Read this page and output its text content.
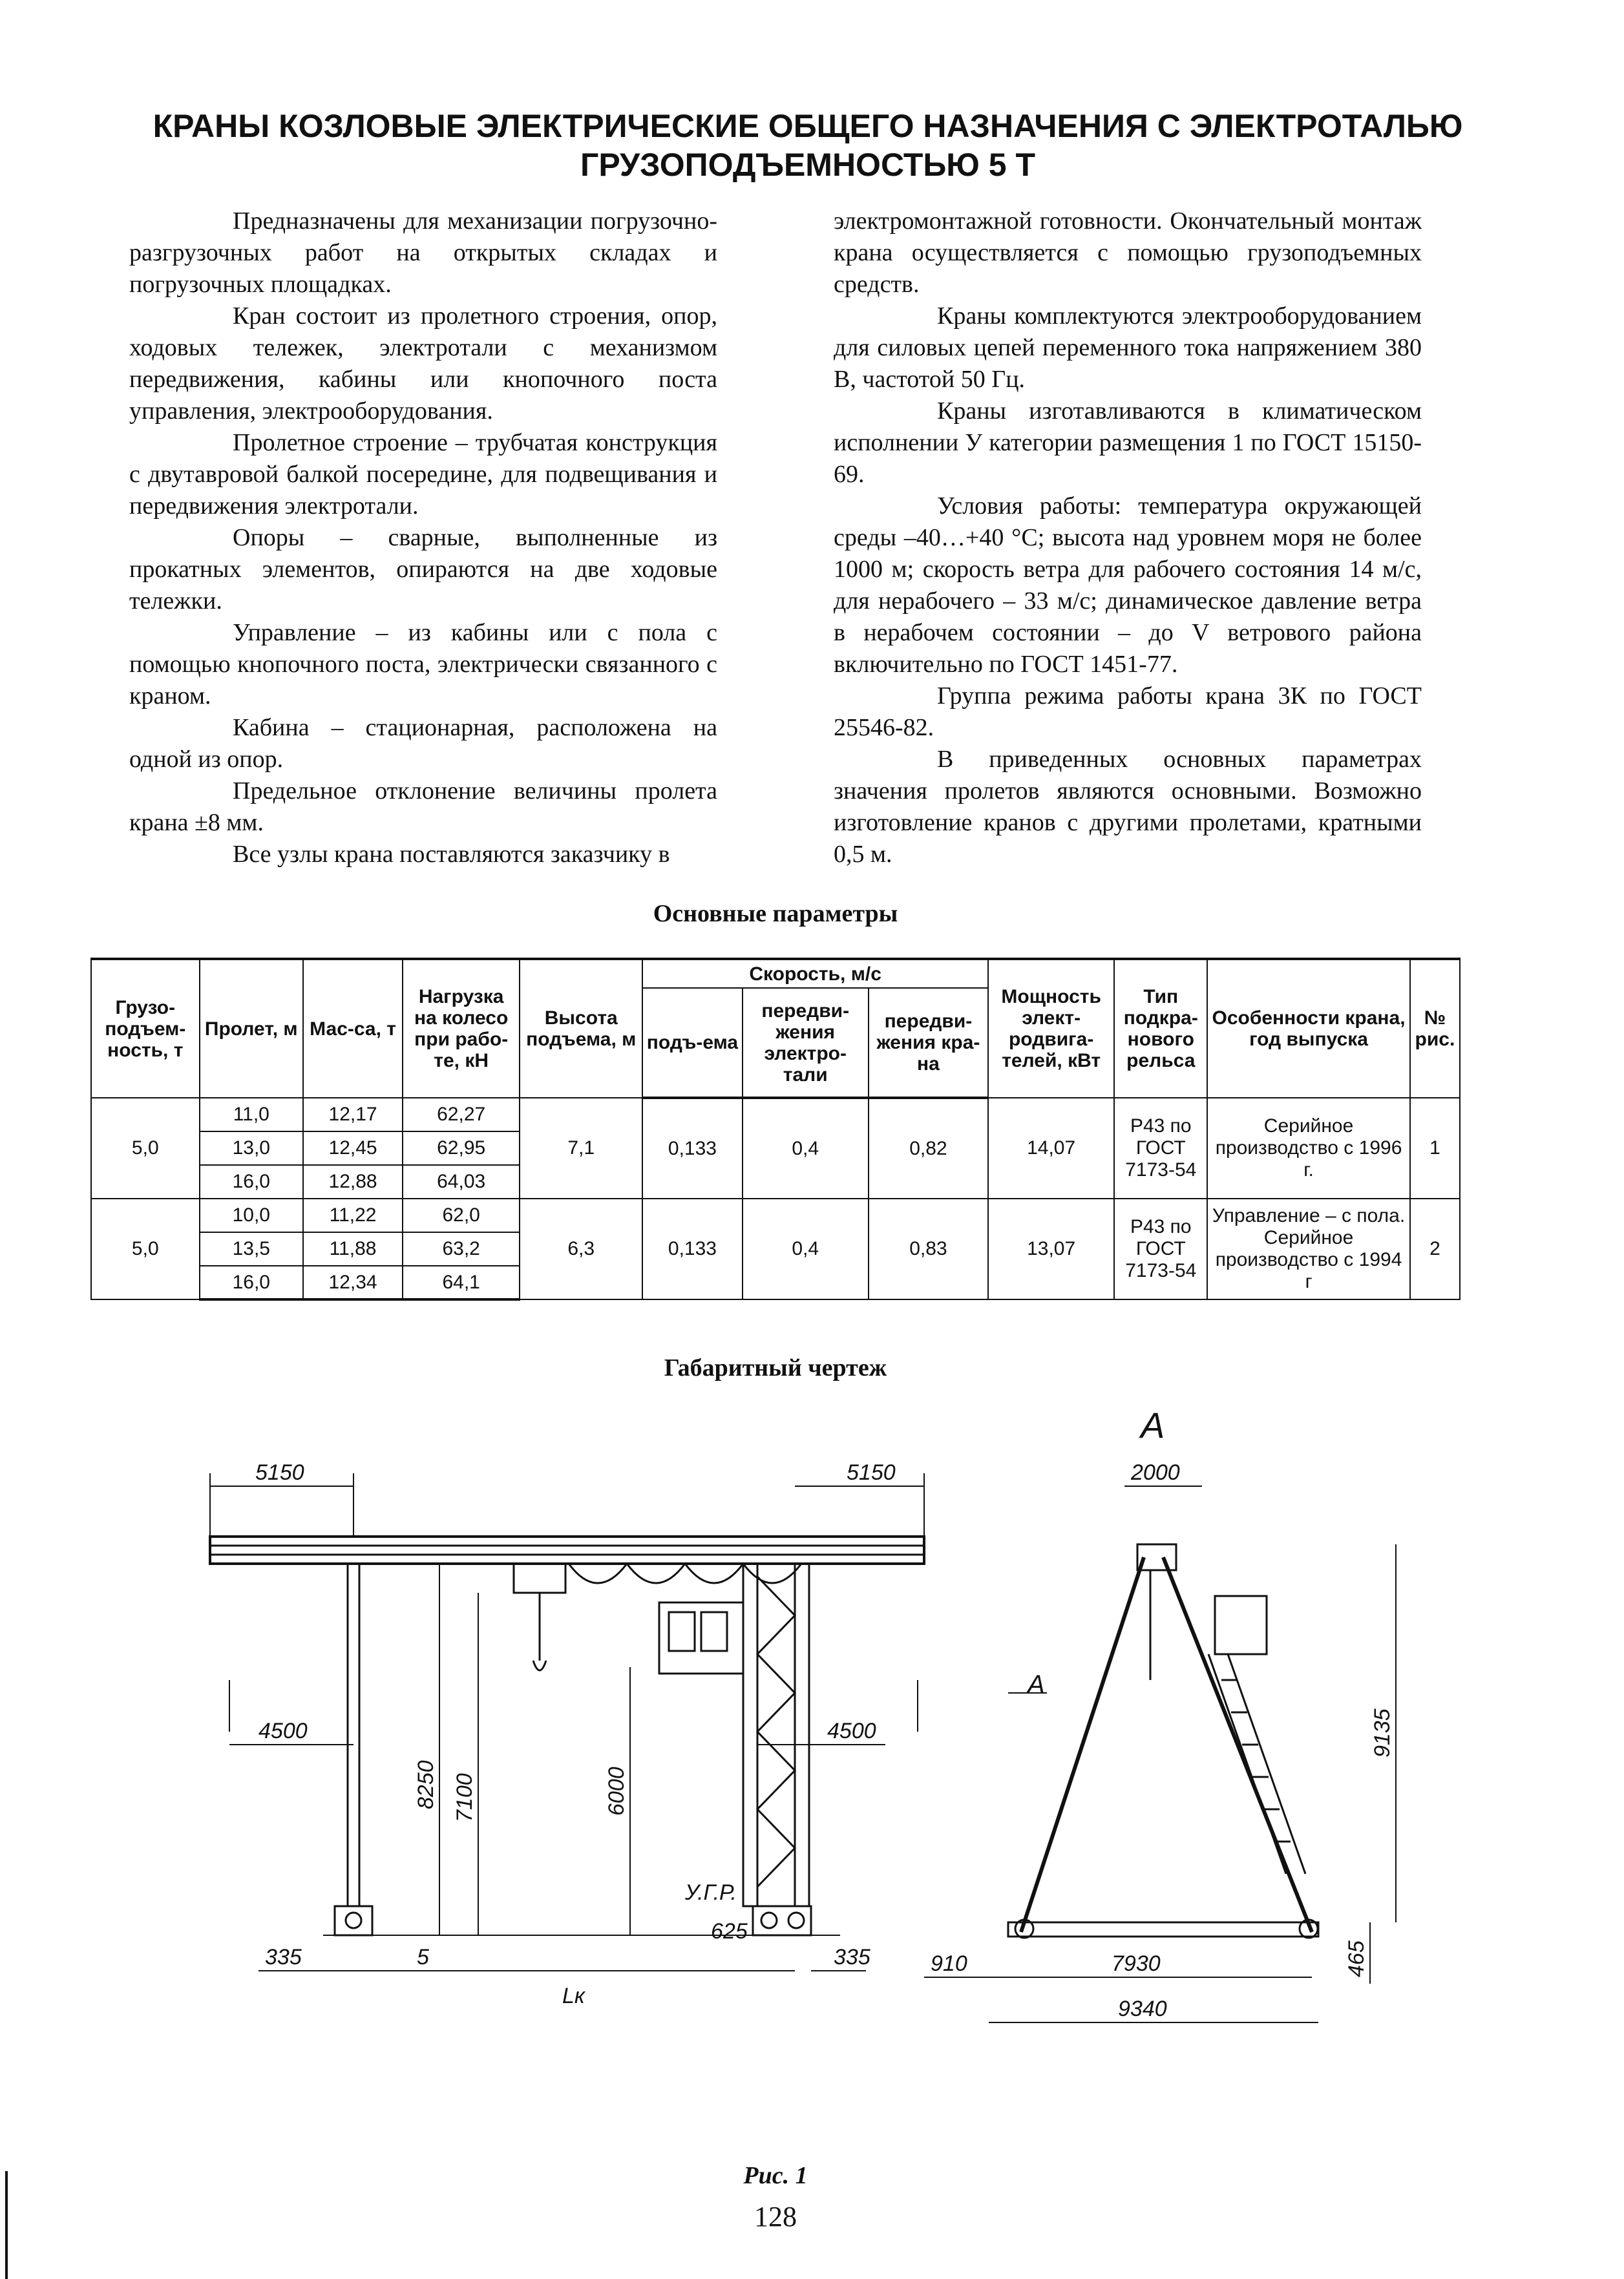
КРАНЫ КОЗЛОВЫЕ ЭЛЕКТРИЧЕСКИЕ ОБЩЕГО НАЗНАЧЕНИЯ С ЭЛЕКТРОТАЛЬЮ
ГРУЗОПОДЪЕМНОСТЬЮ 5 Т

Предназначены для механизации погрузочно-разгрузочных работ на открытых складах и погрузочных площадках.

Кран состоит из пролетного строения, опор, ходовых тележек, электротали с механизмом передвижения, кабины или кнопочного поста управления, электрооборудования.

Пролетное строение – трубчатая конструкция с двутавровой балкой посередине, для подвещивания и передвижения электротали.

Опоры – сварные, выполненные из прокатных элементов, опираются на две ходовые тележки.

Управление – из кабины или с пола с помощью кнопочного поста, электрически связанного с краном.

Кабина – стационарная, расположена на одной из опор.

Предельное отклонение величины пролета крана ±8 мм.

Все узлы крана поставляются заказчику в

электромонтажной готовности. Окончательный монтаж крана осуществляется с помощью грузоподъемных средств.

Краны комплектуются электрооборудованием для силовых цепей переменного тока напряжением 380 В, частотой 50 Гц.

Краны изготавливаются в климатическом исполнении У категории размещения 1 по ГОСТ 15150-69.

Условия работы: температура окружающей среды –40…+40 °С; высота над уровнем моря не более 1000 м; скорость ветра для рабочего состояния 14 м/с, для нерабочего – 33 м/с; динамическое давление ветра в нерабочем состоянии – до V ветрового района включительно по ГОСТ 1451-77.

Группа режима работы крана 3К по ГОСТ 25546-82.

В приведенных основных параметрах значения пролетов являются основными. Возможно изготовление кранов с другими пролетами, кратными 0,5 м.

Основные параметры
Грузо-подъем-ность, т	Пролет, м	Мас-са, т	Нагрузка на колесо при рабо-те, кН	Высота подъема, м	Скорость, м/с			Мощность элект-родвига-телей, кВт	Тип подкра-нового рельса	Особенности крана, год выпуска	№ рис.
					подъ-ема	передви-жения электро-тали	передви-жения кра-на				
5,0	11,0	12,17	62,27	7,1	0,133	0,4	0,82	14,07	Р43 по ГОСТ 7173-54	Серийное производство с 1996 г.	1
	13,0	12,45	62,95								
	16,0	12,88	64,03								
5,0	10,0	11,22	62,0	6,3	0,133	0,4	0,83	13,07	Р43 по ГОСТ 7173-54	Управление – с пола. Серийное производство с 1994 г	2
	13,5	11,88	63,2								
	16,0	12,34	64,1								
Габаритный чертеж
5150	5150
4500	4500
8250 7100	6000
У.Г.Р.
335	5
Lк
625
335
А
А
2000
9135
910	7930	465
9340
Рис. 1
128
